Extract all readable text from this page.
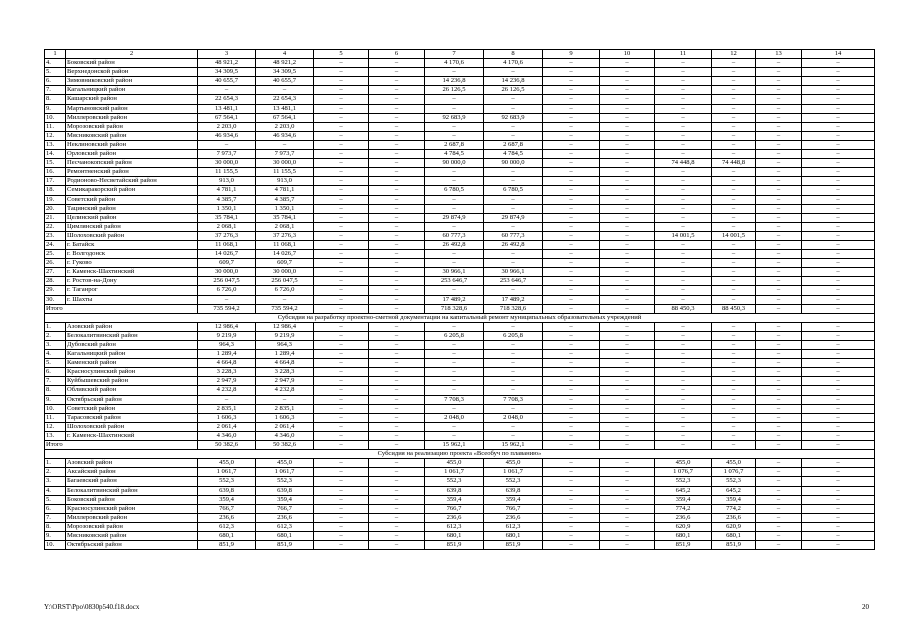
1	2	3	4	5	6	7	8	9	10	11	12	13	14
4.	Боковский район	48 921,2	48 921,2	–	–	4 170,6	4 170,6	–	–	–	–	–	–
5.	Верхнедонской район	34 309,5	34 309,5	–	–	–	–	–	–	–	–	–	–
6.	Зимовниковский район	40 655,7	40 655,7	–	–	14 236,8	14 236,8	–	–	–	–	–	–
7.	Кагальницкий район	–	–	–	–	26 126,5	26 126,5	–	–	–	–	–	–
8.	Кашарский район	22 654,3	22 654,3	–	–	–	–	–	–	–	–	–	–
9.	Мартыновский район	13 481,1	13 481,1	–	–	–	–	–	–	–	–	–	–
10.	Миллеровский район	67 564,1	67 564,1	–	–	92 683,9	92 683,9	–	–	–	–	–	–
11.	Морозовский район	2 203,0	2 203,0	–	–	–	–	–	–	–	–	–	–
12.	Мясниковский район	46 934,6	46 934,6	–	–	–	–	–	–	–	–	–	–
13.	Неклиновский район	–	–	–	–	2 687,8	2 687,8	–	–	–	–	–	–
14.	Орловский район	7 973,7	7 973,7	–	–	4 784,5	4 784,5	–	–	–	–	–	–
15.	Песчанокопский район	30 000,0	30 000,0	–	–	90 000,0	90 000,0	–	–	74 448,8	74 448,8	–	–
16.	Ремонтненский район	11 155,5	11 155,5	–	–	–	–	–	–	–	–	–	–
17.	Родионово-Несветайский район	913,0	913,0	–	–	–	–	–	–	–	–	–	–
18.	Семикаракорский район	4 781,1	4 781,1	–	–	6 780,5	6 780,5	–	–	–	–	–	–
19.	Советский район	4 385,7	4 385,7	–	–	–	–	–	–	–	–	–	–
20.	Тацинский район	1 350,1	1 350,1	–	–	–	–	–	–	–	–	–	–
21.	Целинский район	35 784,1	35 784,1	–	–	29 874,9	29 874,9	–	–	–	–	–	–
22.	Цимлянский район	2 068,1	2 068,1	–	–	–	–	–	–	–	–	–	–
23.	Шолоховский район	37 276,3	37 276,3	–	–	60 777,3	60 777,3	–	–	14 001,5	14 001,5	–	–
24.	г. Батайск	11 068,1	11 068,1	–	–	26 492,8	26 492,8	–	–	–	–	–	–
25.	г. Волгодонск	14 026,7	14 026,7	–	–	–	–	–	–	–	–	–	–
26.	г. Гуково	609,7	609,7	–	–	–	–	–	–	–	–	–	–
27.	г. Каменск-Шахтинский	30 000,0	30 000,0	–	–	30 966,1	30 966,1	–	–	–	–	–	–
28.	г. Ростов-на-Дону	256 047,5	256 047,5	–	–	253 646,7	253 646,7	–	–	–	–	–	–
29.	г. Таганрог	6 726,0	6 726,0	–	–	–	–	–	–	–	–	–	–
30.	г. Шахты	–	–	–	–	17 489,2	17 489,2	–	–	–	–	–	–
Итого		735 594,2	735 594,2	–	–	718 328,6	718 328,6	–	–	88 450,3	88 450,3	–	–
Субсидия на разработку проектно-сметной документации на капитальный ремонт муниципальных образовательных учреждений													
1.	Азовский район	12 986,4	12 986,4	–	–	–	–	–	–	–	–	–	–
2.	Белокалитвинский район	9 219,9	9 219,9	–	–	6 205,8	6 205,8	–	–	–	–	–	–
3.	Дубовский район	964,3	964,3	–	–	–	–	–	–	–	–	–	–
4.	Кагальницкий район	1 289,4	1 289,4	–	–	–	–	–	–	–	–	–	–
5.	Каменский район	4 664,8	4 664,8	–	–	–	–	–	–	–	–	–	–
6.	Красносулинский район	3 228,3	3 228,3	–	–	–	–	–	–	–	–	–	–
7.	Куйбышевский район	2 947,9	2 947,9	–	–	–	–	–	–	–	–	–	–
8.	Обливский район	4 232,8	4 232,8	–	–	–	–	–	–	–	–	–	–
9.	Октябрьский район	–	–	–	–	7 708,3	7 708,3	–	–	–	–	–	–
10.	Советский район	2 835,1	2 835,1	–	–	–	–	–	–	–	–	–	–
11.	Тарасовский район	1 606,3	1 606,3	–	–	2 048,0	2 048,0	–	–	–	–	–	–
12.	Шолоховский район	2 061,4	2 061,4	–	–	–	–	–	–	–	–	–	–
13.	г. Каменск-Шахтинский	4 346,0	4 346,0	–	–	–	–	–	–	–	–	–	–
Итого		50 382,6	50 382,6	–	–	15 962,1	15 962,1	–	–	–	–	–	–
Субсидия на реализацию проекта «Всеобуч по плаванию»													
1.	Азовский район	455,0	455,0	–	–	455,0	455,0	–	–	455,0	455,0	–	–
2.	Аксайский район	1 061,7	1 061,7	–	–	1 061,7	1 061,7	–	–	1 076,7	1 076,7	–	–
3.	Багаевский район	552,3	552,3	–	–	552,3	552,3	–	–	552,3	552,3	–	–
4.	Белокалитвинский район	639,8	639,8	–	–	639,8	639,8	–	–	645,2	645,2	–	–
5.	Боковский район	359,4	359,4	–	–	359,4	359,4	–	–	359,4	359,4	–	–
6.	Красносулинский район	766,7	766,7	–	–	766,7	766,7	–	–	774,2	774,2	–	–
7.	Миллеровский район	236,6	236,6	–	–	236,6	236,6	–	–	236,6	236,6	–	–
8.	Морозовский район	612,3	612,3	–	–	612,3	612,3	–	–	620,9	620,9	–	–
9.	Мясниковский район	680,1	680,1	–	–	680,1	680,1	–	–	680,1	680,1	–	–
10.	Октябрьский район	851,9	851,9	–	–	851,9	851,9	–	–	851,9	851,9	–	–
Y:\ORST\Ppo\0830p540.f18.docx	20
